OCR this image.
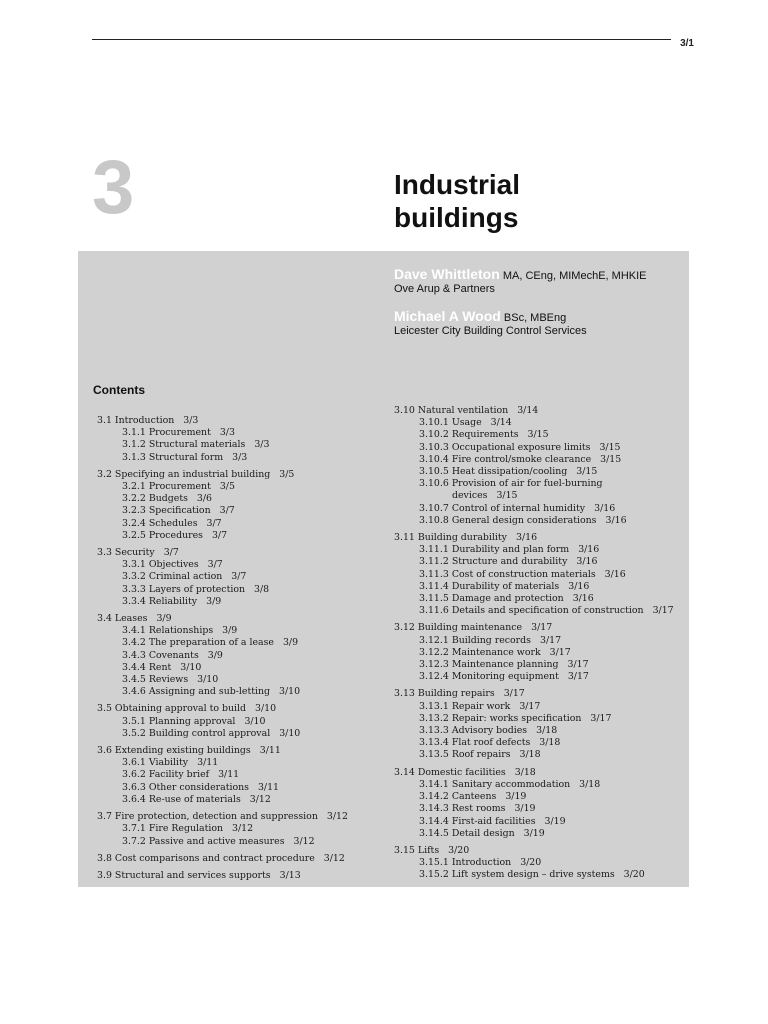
3/1
3	Industrial
buildings
Dave Whittleton MA, CEng, MIMechE, MHKIE
Ove Arup & Partners
Michael A Wood BSc, MBEng
Leicester City Building Control Services
Contents
3.1 Introduction 3/3
3.1.1 Procurement 3/3
3.1.2 Structural materials 3/3
3.1.3 Structural form 3/3
3.2 Specifying an industrial building 3/5
3.2.1 Procurement 3/5
3.2.2 Budgets 3/6
3.2.3 Specification 3/7
3.2.4 Schedules 3/7
3.2.5 Procedures 3/7
3.3 Security 3/7
3.3.1 Objectives 3/7
3.3.2 Criminal action 3/7
3.3.3 Layers of protection 3/8
3.3.4 Reliability 3/9
3.4 Leases 3/9
3.4.1 Relationships 3/9
3.4.2 The preparation of a lease 3/9
3.4.3 Covenants 3/9
3.4.4 Rent 3/10
3.4.5 Reviews 3/10
3.4.6 Assigning and sub-letting 3/10
3.5 Obtaining approval to build 3/10
3.5.1 Planning approval 3/10
3.5.2 Building control approval 3/10
3.6 Extending existing buildings 3/11
3.6.1 Viability 3/11
3.6.2 Facility brief 3/11
3.6.3 Other considerations 3/11
3.6.4 Re-use of materials 3/12
3.7 Fire protection, detection and suppression 3/12
3.7.1 Fire Regulation 3/12
3.7.2 Passive and active measures 3/12
3.8 Cost comparisons and contract procedure 3/12
3.9 Structural and services supports 3/13
3.10 Natural ventilation 3/14
3.10.1 Usage 3/14
3.10.2 Requirements 3/15
3.10.3 Occupational exposure limits 3/15
3.10.4 Fire control/smoke clearance 3/15
3.10.5 Heat dissipation/cooling 3/15
3.10.6 Provision of air for fuel-burning
devices 3/15
3.10.7 Control of internal humidity 3/16
3.10.8 General design considerations 3/16
3.11 Building durability 3/16
3.11.1 Durability and plan form 3/16
3.11.2 Structure and durability 3/16
3.11.3 Cost of construction materials 3/16
3.11.4 Durability of materials 3/16
3.11.5 Damage and protection 3/16
3.11.6 Details and specification of construction 3/17
3.12 Building maintenance 3/17
3.12.1 Building records 3/17
3.12.2 Maintenance work 3/17
3.12.3 Maintenance planning 3/17
3.12.4 Monitoring equipment 3/17
3.13 Building repairs 3/17
3.13.1 Repair work 3/17
3.13.2 Repair: works specification 3/17
3.13.3 Advisory bodies 3/18
3.13.4 Flat roof defects 3/18
3.13.5 Roof repairs 3/18
3.14 Domestic facilities 3/18
3.14.1 Sanitary accommodation 3/18
3.14.2 Canteens 3/19
3.14.3 Rest rooms 3/19
3.14.4 First-aid facilities 3/19
3.14.5 Detail design 3/19
3.15 Lifts 3/20
3.15.1 Introduction 3/20
3.15.2 Lift system design – drive systems 3/20
